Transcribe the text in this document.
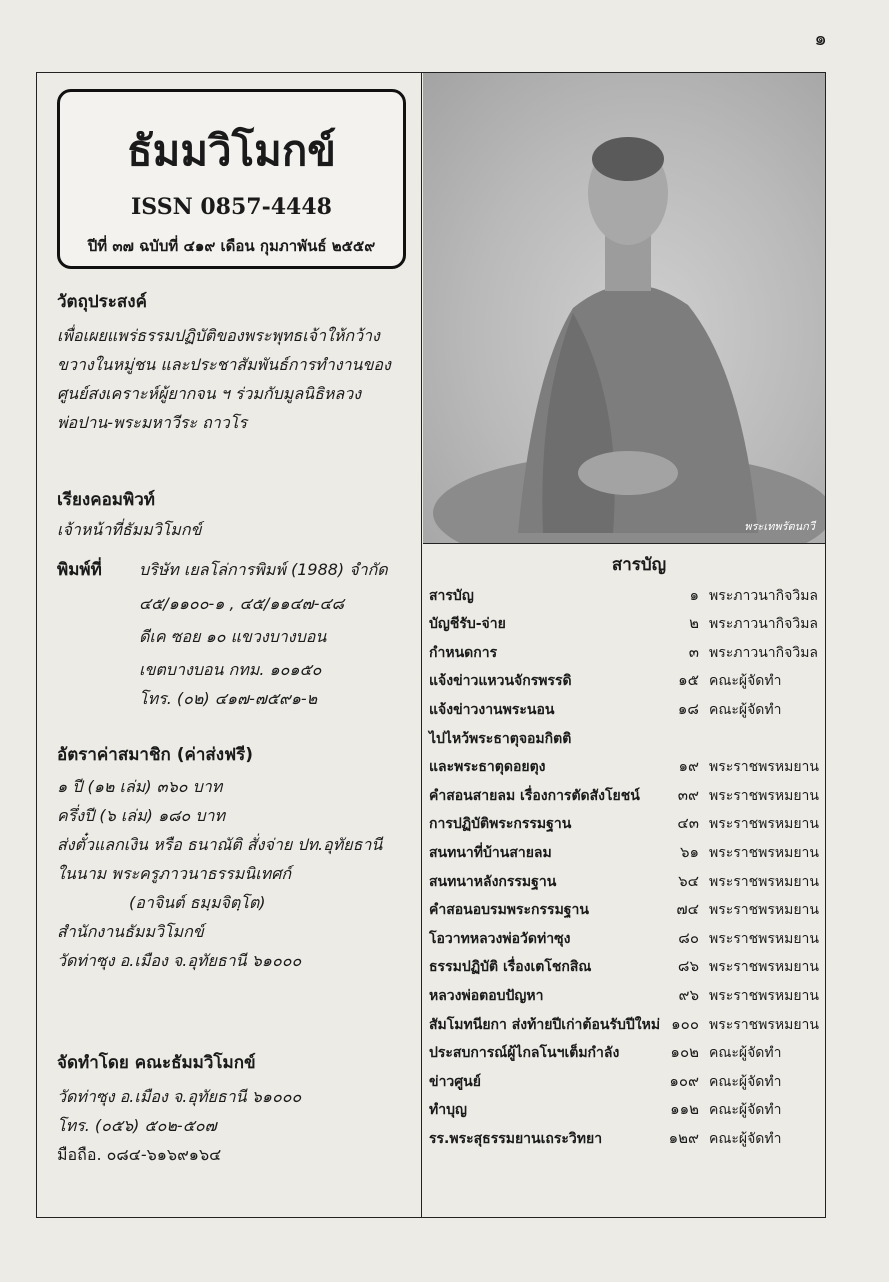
๑
ธัมมวิโมกข์
ISSN 0857-4448
ปีที่ ๓๗ ฉบับที่ ๔๑๙ เดือน กุมภาพันธ์ ๒๕๕๙
วัตถุประสงค์
เพื่อเผยแพร่ธรรมปฏิบัติของพระพุทธเจ้าให้กว้าง
ขวางในหมู่ชน และประชาสัมพันธ์การทำงานของ
ศูนย์สงเคราะห์ผู้ยากจน ฯ ร่วมกับมูลนิธิหลวง
พ่อปาน-พระมหาวีระ ถาวโร
เรียงคอมพิวท์
เจ้าหน้าที่ธัมมวิโมกข์
พิมพ์ที่ บริษัท เยลโล่การพิมพ์ (1988) จำกัด
๔๕/๑๑๐๐-๑ , ๔๕/๑๑๔๗-๔๘
ดีเค ซอย ๑๐ แขวงบางบอน
เขตบางบอน กทม. ๑๐๑๕๐
โทร. (๐๒) ๔๑๗-๗๕๙๑-๒
อัตราค่าสมาชิก (ค่าส่งฟรี)
๑ ปี (๑๒ เล่ม) ๓๖๐ บาท
ครึ่งปี (๖ เล่ม) ๑๘๐ บาท
ส่งตั๋วแลกเงิน หรือ ธนาณัติ สั่งจ่าย ปท.อุทัยธานี
ในนาม พระครูภาวนาธรรมนิเทศก์
(อาจินต์ ธมฺมจิตฺโต)
สำนักงานธัมมวิโมกข์
วัดท่าซุง อ.เมือง จ.อุทัยธานี ๖๑๐๐๐
จัดทำโดย คณะธัมมวิโมกข์
วัดท่าซุง อ.เมือง จ.อุทัยธานี ๖๑๐๐๐
โทร. (๐๕๖) ๕๐๒-๕๐๗
มือถือ. ๐๘๔-๖๑๖๙๑๖๔
พระเทพรัตนกวี
สารบัญ
สารบัญ	๑ พระภาวนากิจวิมล
บัญชีรับ-จ่าย	๒ พระภาวนากิจวิมล
กำหนดการ	๓ พระภาวนากิจวิมล
แจ้งข่าวแหวนจักรพรรดิ	๑๕ คณะผู้จัดทำ
แจ้งข่าวงานพระนอน	๑๘ คณะผู้จัดทำ
ไปไหว้พระธาตุจอมกิตติ
และพระธาตุดอยตุง	๑๙ พระราชพรหมยาน
คำสอนสายลม เรื่องการตัดสังโยชน์	๓๙ พระราชพรหมยาน
การปฏิบัติพระกรรมฐาน	๔๓ พระราชพรหมยาน
สนทนาที่บ้านสายลม	๖๑ พระราชพรหมยาน
สนทนาหลังกรรมฐาน	๖๔ พระราชพรหมยาน
คำสอนอบรมพระกรรมฐาน	๗๔ พระราชพรหมยาน
โอวาทหลวงพ่อวัดท่าซุง	๘๐ พระราชพรหมยาน
ธรรมปฏิบัติ เรื่องเตโชกสิณ	๘๖ พระราชพรหมยาน
หลวงพ่อตอบปัญหา	๙๖ พระราชพรหมยาน
สัมโมทนียกา ส่งท้ายปีเก่าต้อนรับปีใหม่ ๑๐๐ พระราชพรหมยาน
ประสบการณ์ผู้ไกลโนฯเต็มกำลัง	๑๐๒ คณะผู้จัดทำ
ข่าวศูนย์	๑๐๙ คณะผู้จัดทำ
ทำบุญ	๑๑๒ คณะผู้จัดทำ
รร.พระสุธรรมยานเถระวิทยา	๑๒๙ คณะผู้จัดทำ
